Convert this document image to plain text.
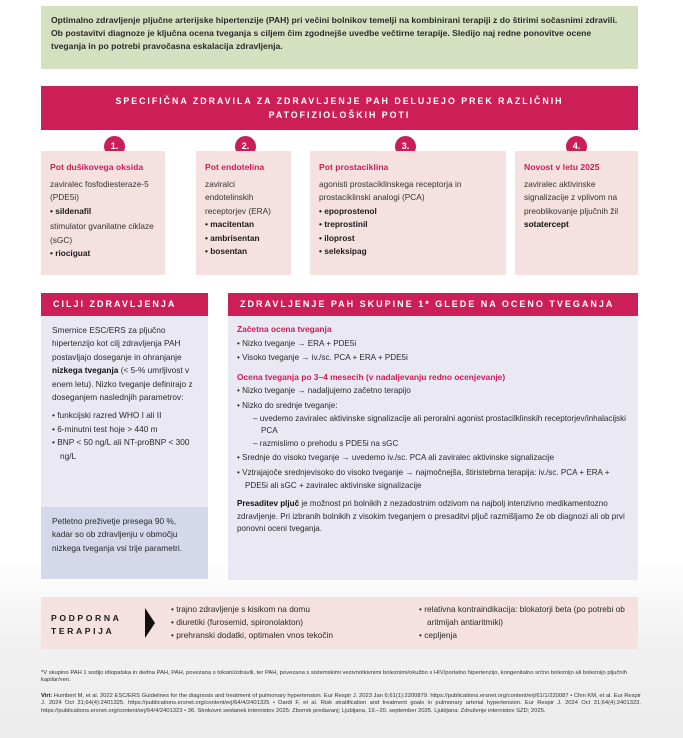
Optimalno zdravljenje pljučne arterijske hipertenzije (PAH) pri večini bolnikov temelji na kombinirani terapiji z do štirimi sočasnimi zdravili. Ob postavitvi diagnoze je ključna ocena tveganja s ciljem čim zgodnejše uvedbe večtirne terapije. Sledijo naj redne ponovitve ocene tveganja in po potrebi pravočasna eskalacija zdravljenja.
SPECIFIČNA ZDRAVILA ZA ZDRAVLJENJE PAH DELUJEJO PREK RAZLIČNIH
PATOFIZIOLOŠKIH POTI
1.
Pot dušikovega oksida
zaviralec fosfodiesteraze-5 (PDE5i)
• sildenafil
stimulator gvanilatne ciklaze (sGC)
• riociguat
2.
Pot endotelina
zaviralci endotelinskih receptorjev (ERA)
• macitentan
• ambrisentan
• bosentan
3.
Pot prostaciklina
agonisti prostaciklinskega receptorja in prostaciklinski analogi (PCA)
• epoprostenol
• treprostinil
• iloprost
• seleksipag
4.
Novost v letu 2025
zaviralec aktivinske signalizacije z vplivom na preoblikovanje pljučnih žil
sotatercept
CILJI ZDRAVLJENJA
Smernice ESC/ERS za pljučno hipertenzijo kot cilj zdravljenja PAH postavljajo doseganje in ohranjanje nizkega tveganja (< 5-% umrljivost v enem letu). Nizko tveganje definirajo z doseganjem naslednjih parametrov:
• funkcijski razred WHO I ali II
• 6-minutni test hoje > 440 m
• BNP < 50 ng/L ali NT-proBNP < 300 ng/L
Petletno preživetje presega 90 %, kadar so ob zdravljenju v območju nizkega tveganja vsi trije parametri.
ZDRAVLJENJE PAH SKUPINE 1* GLEDE NA OCENO TVEGANJA
Začetna ocena tveganja
• Nizko tveganje → ERA + PDE5i
• Visoko tveganje → iv./sc. PCA + ERA + PDE5i
Ocena tveganja po 3–4 mesecih (v nadaljevanju redno ocenjevanje)
• Nizko tveganje → nadaljujemo začetno terapijo
• Nizko do srednje tveganje:
– uvedemo zaviralec aktivinske signalizacije ali peroralni agonist prostacilklinskih receptorjev/inhalacijski PCA
– razmislimo o prehodu s PDE5i na sGC
• Srednje do visoko tveganje → uvedemo iv./sc. PCA ali zaviralec aktivinske signalizacije
• Vztrajajoče srednjevisoko do visoko tveganje → najmočnejša, štiristebrna terapija: iv./sc. PCA + ERA + PDE5i ali sGC + zaviralec aktivinske signalizacije
Presaditev pljuč je možnost pri bolnikih z nezadostnim odzivom na najbolj intenzivno medikamentozno zdravljenje. Pri izbranih bolnikih z visokim tveganjem o presaditvi pljuč razmišljamo že ob diagnozi ali ob prvi ponovni oceni tveganja.
PODPORNA
TERAPIJA
• trajno zdravljenje s kisikom na domu
• diuretiki (furosemid, spironolakton)
• prehranski dodatki, optimalen vnos tekočin
• relativna kontraindikacija: blokatorji beta (po potrebi ob aritmijah antiaritmiki)
• cepljenja
*V skupino PAH 1 sodijo idiopatska in dedna PAH, PAH, povezana s toksini/zdravili, ter PAH, povezana s sistemskimi vezivnotkivnimi boleznimi/okužbo s HIV/portalno hipertenzijo, kongenitalno srčno boleznijo ali boleznijo pljučnih kapilar/ven.
Viri: Humbert M, et al. 2022 ESC/ERS Guidelines for the diagnosis and treatment of pulmonary hypertension. Eur Respir J. 2023 Jan 6;61(1):2200879. https://publications.ersnet.org/content/erj/61/1/220087 • Chin KM, et al. Eur Respir J. 2024 Oct 31;64(4):2401325. https://publications.ersnet.org/content/erj/64/4/2401325 • Dardi F, et al. Risk stratification and treatment goals in pulmonary arterial hypertension. Eur Respir J. 2024 Oct 31;64(4):2401323. https://publications.ersnet.org/content/erj/64/4/2401323 • 36. Strokovni sestanek internistov 2025: Zbornik predavanj; Ljubljana, 19.–20. september 2025. Ljubljana: Združenje internistov SZD; 2025.
